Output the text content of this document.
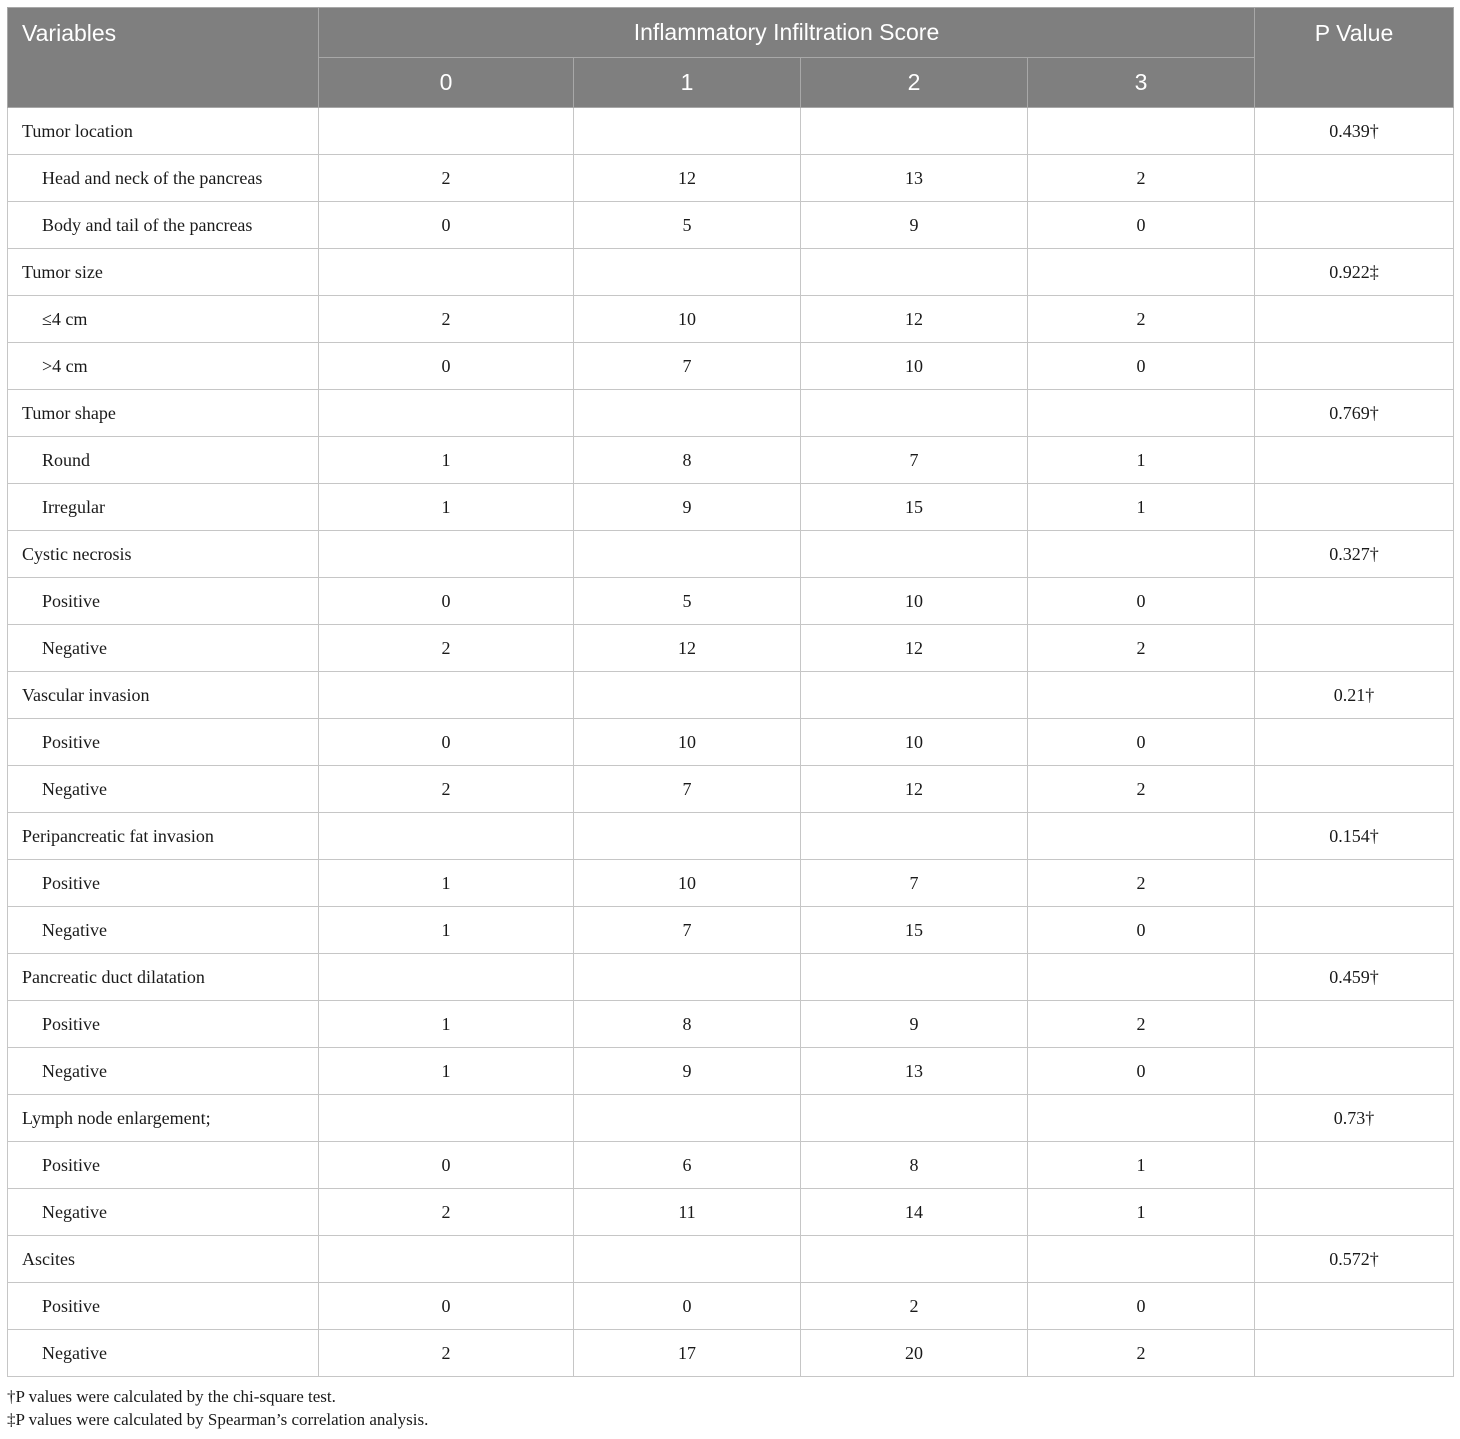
Variables	Inflammatory Infiltration Score				P Value
	0	1	2	3	
Tumor location					0.439†
Head and neck of the pancreas	2	12	13	2	
Body and tail of the pancreas	0	5	9	0	
Tumor size					0.922‡
≤4 cm	2	10	12	2	
>4 cm	0	7	10	0	
Tumor shape					0.769†
Round	1	8	7	1	
Irregular	1	9	15	1	
Cystic necrosis					0.327†
Positive	0	5	10	0	
Negative	2	12	12	2	
Vascular invasion					0.21†
Positive	0	10	10	0	
Negative	2	7	12	2	
Peripancreatic fat invasion					0.154†
Positive	1	10	7	2	
Negative	1	7	15	0	
Pancreatic duct dilatation					0.459†
Positive	1	8	9	2	
Negative	1	9	13	0	
Lymph node enlargement;					0.73†
Positive	0	6	8	1	
Negative	2	11	14	1	
Ascites					0.572†
Positive	0	0	2	0	
Negative	2	17	20	2	
†P values were calculated by the chi-square test.
‡P values were calculated by Spearman’s correlation analysis.
